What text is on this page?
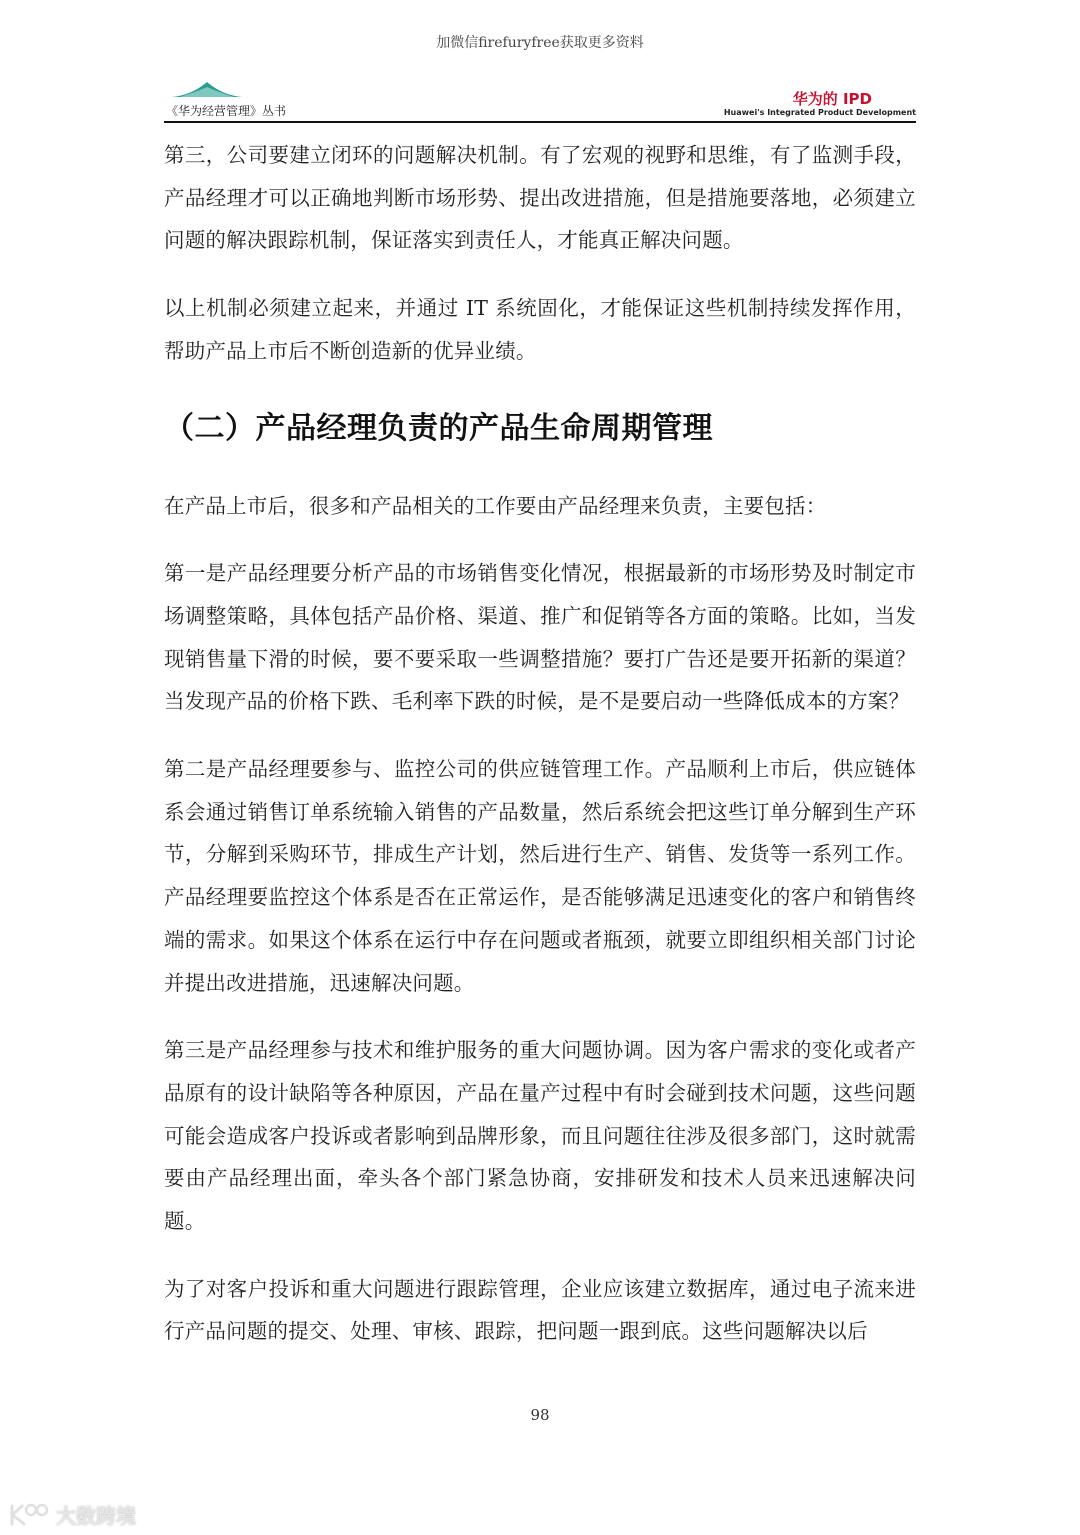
加微信firefuryfree获取更多资料
《华为经营管理》丛书
华为的 IPD
Huawei's Integrated Product Development

第三，公司要建立闭环的问题解决机制。有了宏观的视野和思维，有了监测手段，产品经理才可以正确地判断市场形势、提出改进措施，但是措施要落地，必须建立问题的解决跟踪机制，保证落实到责任人，才能真正解决问题。

以上机制必须建立起来，并通过 IT 系统固化，才能保证这些机制持续发挥作用，帮助产品上市后不断创造新的优异业绩。

（二）产品经理负责的产品生命周期管理

在产品上市后，很多和产品相关的工作要由产品经理来负责，主要包括：

第一是产品经理要分析产品的市场销售变化情况，根据最新的市场形势及时制定市场调整策略，具体包括产品价格、渠道、推广和促销等各方面的策略。比如，当发现销售量下滑的时候，要不要采取一些调整措施？要打广告还是要开拓新的渠道？当发现产品的价格下跌、毛利率下跌的时候，是不是要启动一些降低成本的方案？

第二是产品经理要参与、监控公司的供应链管理工作。产品顺利上市后，供应链体系会通过销售订单系统输入销售的产品数量，然后系统会把这些订单分解到生产环节，分解到采购环节，排成生产计划，然后进行生产、销售、发货等一系列工作。产品经理要监控这个体系是否在正常运作，是否能够满足迅速变化的客户和销售终端的需求。如果这个体系在运行中存在问题或者瓶颈，就要立即组织相关部门讨论并提出改进措施，迅速解决问题。

第三是产品经理参与技术和维护服务的重大问题协调。因为客户需求的变化或者产品原有的设计缺陷等各种原因，产品在量产过程中有时会碰到技术问题，这些问题可能会造成客户投诉或者影响到品牌形象，而且问题往往涉及很多部门，这时就需要由产品经理出面，牵头各个部门紧急协商，安排研发和技术人员来迅速解决问题。

为了对客户投诉和重大问题进行跟踪管理，企业应该建立数据库，通过电子流来进行产品问题的提交、处理、审核、跟踪，把问题一跟到底。这些问题解决以后

98
大数跨境
